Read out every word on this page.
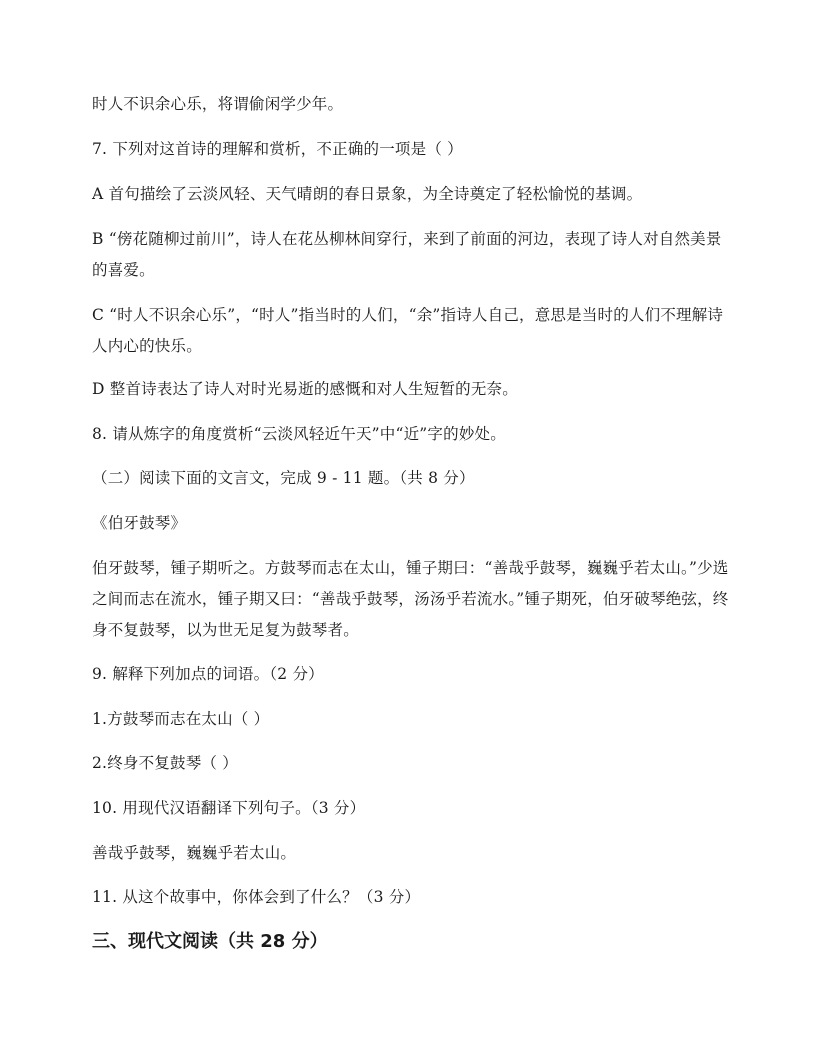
时人不识余心乐，将谓偷闲学少年。
7. 下列对这首诗的理解和赏析，不正确的一项是（ ）
A 首句描绘了云淡风轻、天气晴朗的春日景象，为全诗奠定了轻松愉悦的基调。
B “傍花随柳过前川”，诗人在花丛柳林间穿行，来到了前面的河边，表现了诗人对自然美景的喜爱。
C “时人不识余心乐”，“时人”指当时的人们，“余”指诗人自己，意思是当时的人们不理解诗人内心的快乐。
D 整首诗表达了诗人对时光易逝的感慨和对人生短暂的无奈。
8. 请从炼字的角度赏析“云淡风轻近午天”中“近”字的妙处。
（二）阅读下面的文言文，完成 9 - 11 题。（共 8 分）
《伯牙鼓琴》
伯牙鼓琴，锺子期听之。方鼓琴而志在太山，锺子期曰：“善哉乎鼓琴，巍巍乎若太山。”少选之间而志在流水，锺子期又曰：“善哉乎鼓琴，汤汤乎若流水。”锺子期死，伯牙破琴绝弦，终身不复鼓琴，以为世无足复为鼓琴者。
9. 解释下列加点的词语。（2 分）
1.方鼓琴而志在太山（ ）
2.终身不复鼓琴（ ）
10. 用现代汉语翻译下列句子。（3 分）
善哉乎鼓琴，巍巍乎若太山。
11. 从这个故事中，你体会到了什么？（3 分）
三、现代文阅读（共 28 分）
